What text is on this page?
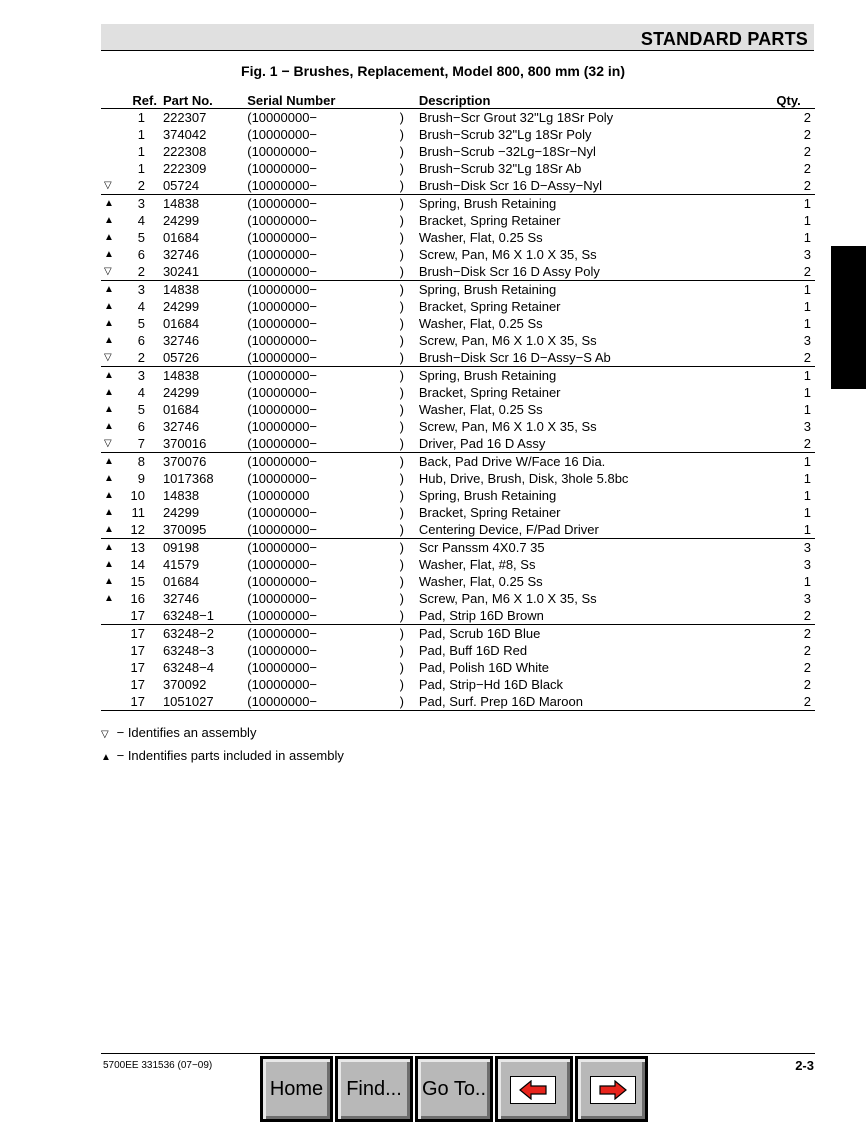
STANDARD PARTS
Fig. 1 − Brushes, Replacement, Model 800, 800 mm (32 in)
	Ref.	Part No.	Serial Number		Description	Qty.
	1	222307	(10000000−	)	Brush−Scr Grout 32"Lg 18Sr Poly	2
	1	374042	(10000000−	)	Brush−Scrub 32"Lg 18Sr Poly	2
	1	222308	(10000000−	)	Brush−Scrub −32Lg−18Sr−Nyl	2
	1	222309	(10000000−	)	Brush−Scrub 32"Lg 18Sr Ab	2
▽	2	05724	(10000000−	)	Brush−Disk Scr 16 D−Assy−Nyl	2
▲	3	14838	(10000000−	)	Spring, Brush Retaining	1
▲	4	24299	(10000000−	)	Bracket, Spring Retainer	1
▲	5	01684	(10000000−	)	Washer, Flat, 0.25 Ss	1
▲	6	32746	(10000000−	)	Screw, Pan, M6 X 1.0 X 35, Ss	3
▽	2	30241	(10000000−	)	Brush−Disk Scr 16 D Assy Poly	2
▲	3	14838	(10000000−	)	Spring, Brush Retaining	1
▲	4	24299	(10000000−	)	Bracket, Spring Retainer	1
▲	5	01684	(10000000−	)	Washer, Flat, 0.25 Ss	1
▲	6	32746	(10000000−	)	Screw, Pan, M6 X 1.0 X 35, Ss	3
▽	2	05726	(10000000−	)	Brush−Disk Scr 16 D−Assy−S Ab	2
▲	3	14838	(10000000−	)	Spring, Brush Retaining	1
▲	4	24299	(10000000−	)	Bracket, Spring Retainer	1
▲	5	01684	(10000000−	)	Washer, Flat, 0.25 Ss	1
▲	6	32746	(10000000−	)	Screw, Pan, M6 X 1.0 X 35, Ss	3
▽	7	370016	(10000000−	)	Driver, Pad 16 D Assy	2
▲	8	370076	(10000000−	)	Back, Pad Drive W/Face 16 Dia.	1
▲	9	1017368	(10000000−	)	Hub, Drive, Brush, Disk, 3hole 5.8bc	1
▲	10	14838	(10000000	)	Spring, Brush Retaining	1
▲	11	24299	(10000000−	)	Bracket, Spring Retainer	1
▲	12	370095	(10000000−	)	Centering Device, F/Pad Driver	1
▲	13	09198	(10000000−	)	Scr Panssm 4X0.7 35	3
▲	14	41579	(10000000−	)	Washer, Flat, #8, Ss	3
▲	15	01684	(10000000−	)	Washer, Flat, 0.25 Ss	1
▲	16	32746	(10000000−	)	Screw, Pan, M6 X 1.0 X 35, Ss	3
	17	63248−1	(10000000−	)	Pad, Strip 16D Brown	2
	17	63248−2	(10000000−	)	Pad, Scrub 16D Blue	2
	17	63248−3	(10000000−	)	Pad, Buff 16D Red	2
	17	63248−4	(10000000−	)	Pad, Polish 16D White	2
	17	370092	(10000000−	)	Pad, Strip−Hd 16D Black	2
	17	1051027	(10000000−	)	Pad, Surf. Prep 16D Maroon	2
▽ − Identifies an assembly
▲ − Indentifies parts included in assembly
5700EE 331536 (07−09)	2-3
Home	Find...	Go To..
